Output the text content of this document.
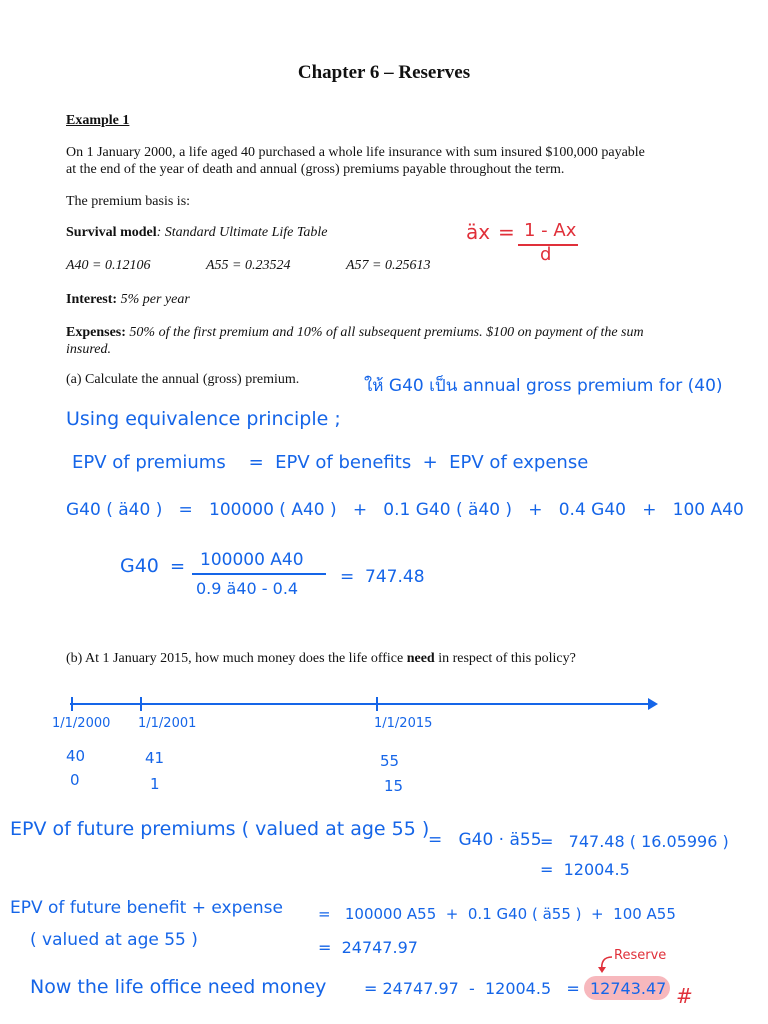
Chapter 6 – Reserves
Example 1
On 1 January 2000, a life aged 40 purchased a whole life insurance with sum insured $100,000 payable
at the end of the year of death and annual (gross) premiums payable throughout the term.
The premium basis is:
Survival model: Standard Ultimate Life Table
A40 = 0.12106	A55 = 0.23524	A57 = 0.25613
Interest: 5% per year
Expenses: 50% of the first premium and 10% of all subsequent premiums. $100 on payment of the sum
insured.
(a) Calculate the annual (gross) premium.
äx = 1 - Ax
d
ให้ G40 เป็น annual gross premium for (40)
Using equivalence principle ;
EPV of premiums    =  EPV of benefits  +  EPV of expense
G40 ( ä40 )   =   100000 ( A40 )   +   0.1 G40 ( ä40 )   +   0.4 G40   +   100 A40
G40 = 100000 A40
0.9 ä40 - 0.4
=  747.48
(b) At 1 January 2015, how much money does the life office need in respect of this policy?
1/1/2000 1/1/2001	1/1/2015
40	41	55
0	1	15
EPV of future premiums ( valued at age 55 )
=   G40 · ä55
=   747.48 ( 16.05996 )
=  12004.5
EPV of future benefit + expense
( valued at age 55 )
=   100000 A55  +  0.1 G40 ( ä55 )  +  100 A55
=  24747.97
Now the life office need money = 24747.97  -  12004.5   =
Reserve
12743.47 #
